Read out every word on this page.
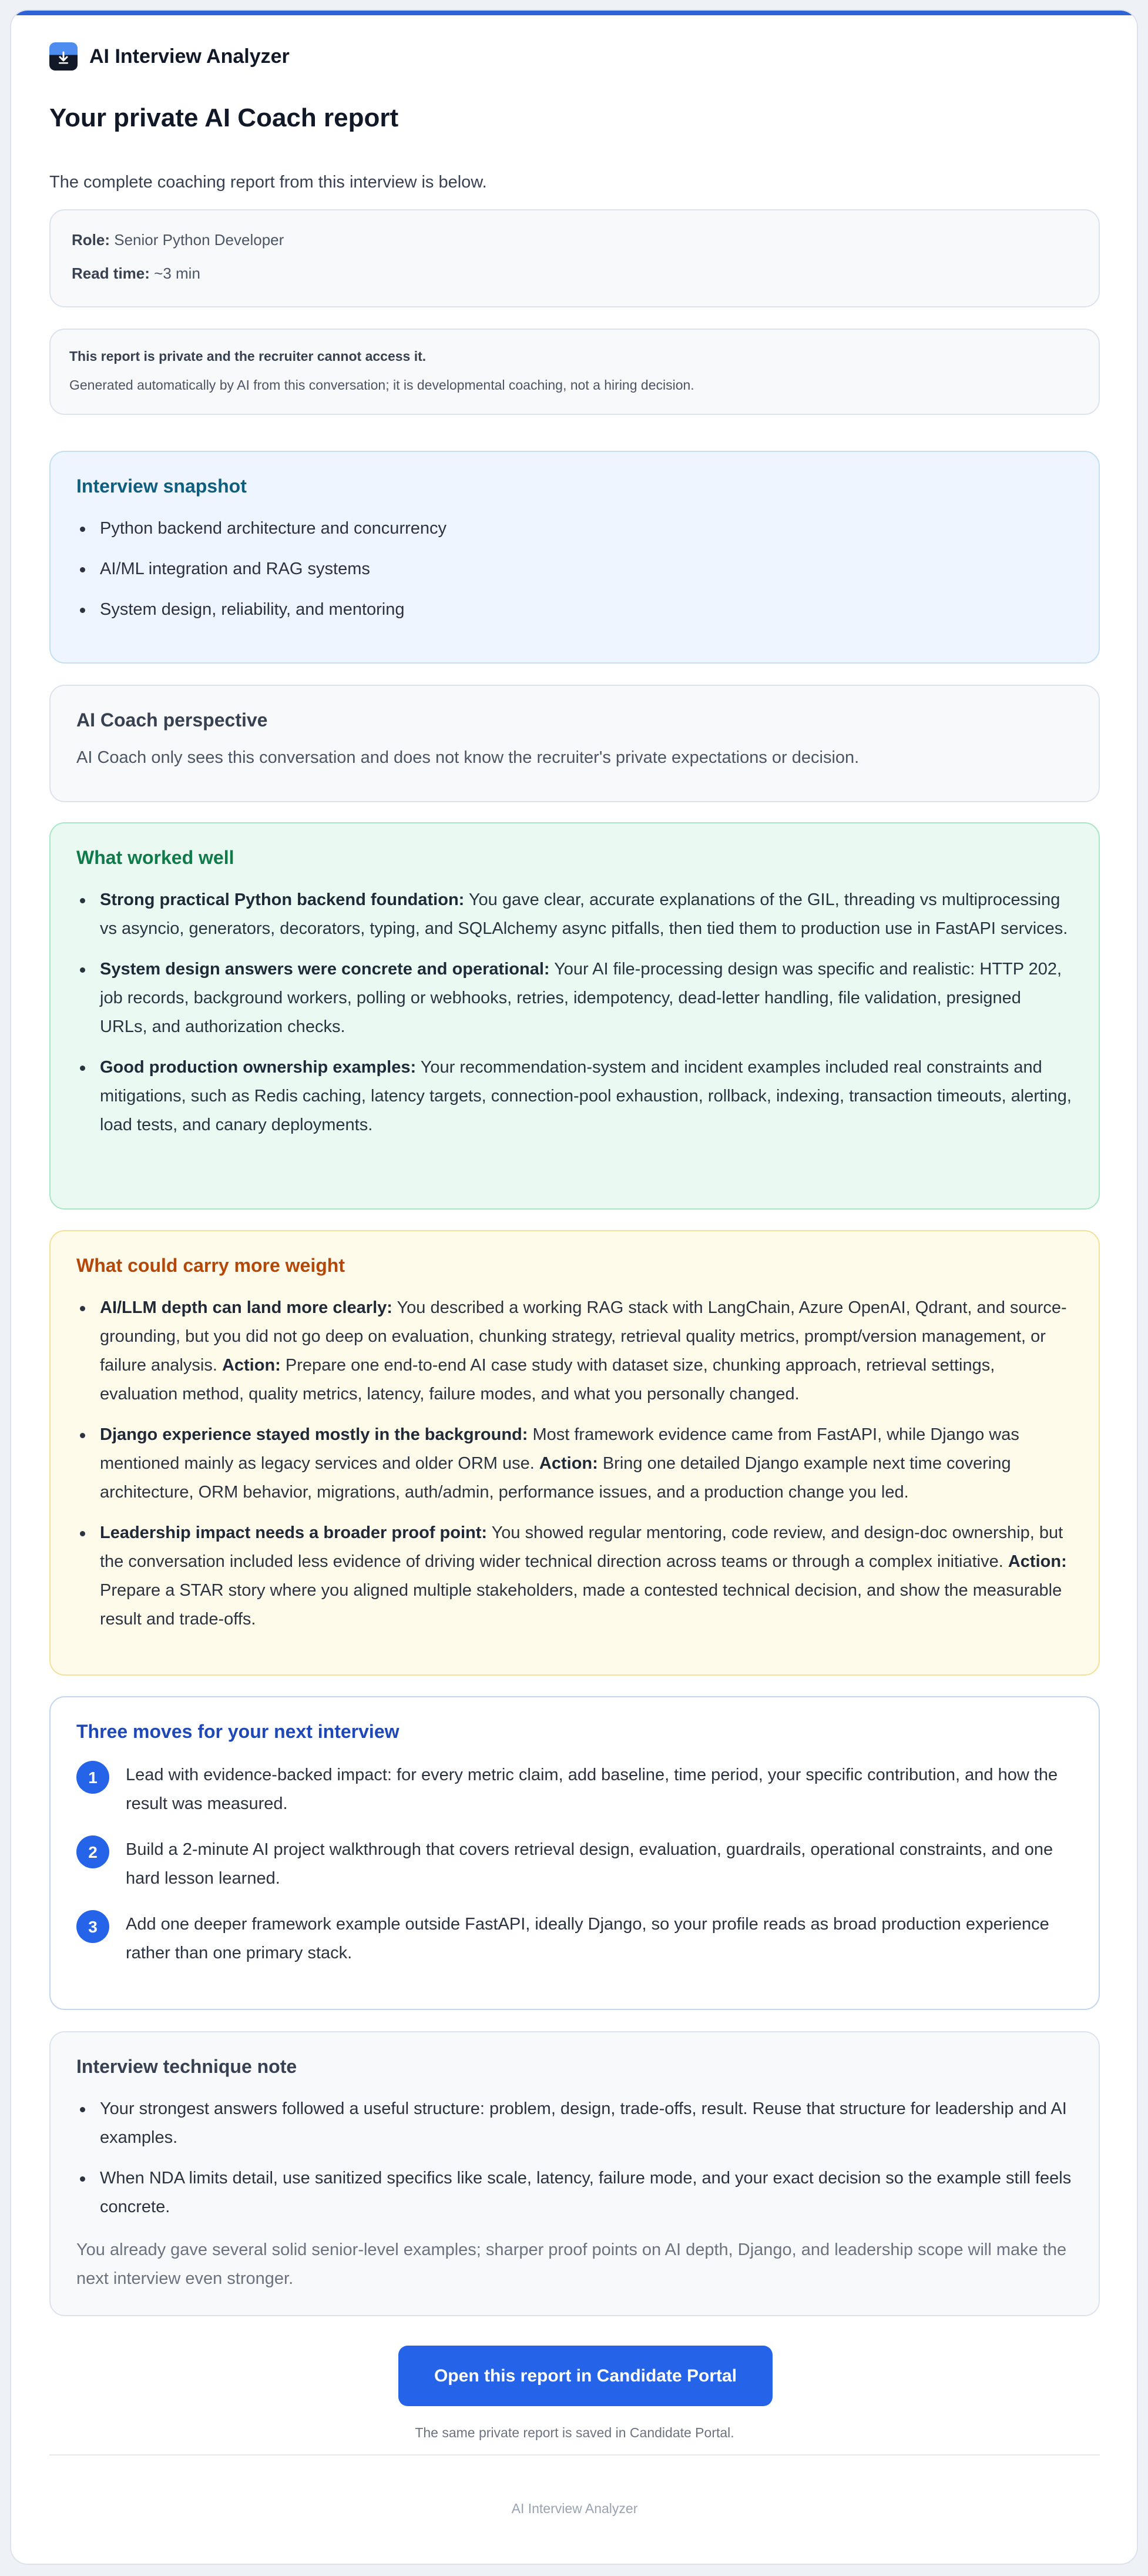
AI Interview Analyzer
Your private AI Coach report

The complete coaching report from this interview is below.

Role: Senior Python Developer
Read time: ~3 min

This report is private and the recruiter cannot access it.

Generated automatically by AI from this conversation; it is developmental coaching, not a hiring decision.

Interview snapshot
Python backend architecture and concurrency
AI/ML integration and RAG systems
System design, reliability, and mentoring
AI Coach perspective

AI Coach only sees this conversation and does not know the recruiter's private expectations or decision.

What worked well
Strong practical Python backend foundation: You gave clear, accurate explanations of the GIL, threading vs multiprocessing vs asyncio, generators, decorators, typing, and SQLAlchemy async pitfalls, then tied them to production use in FastAPI services.
System design answers were concrete and operational: Your AI file-processing design was specific and realistic: HTTP 202, job records, background workers, polling or webhooks, retries, idempotency, dead-letter handling, file validation, presigned URLs, and authorization checks.
Good production ownership examples: Your recommendation-system and incident examples included real constraints and mitigations, such as Redis caching, latency targets, connection-pool exhaustion, rollback, indexing, transaction timeouts, alerting, load tests, and canary deployments.
What could carry more weight
AI/LLM depth can land more clearly: You described a working RAG stack with LangChain, Azure OpenAI, Qdrant, and source-grounding, but you did not go deep on evaluation, chunking strategy, retrieval quality metrics, prompt/version management, or failure analysis. Action: Prepare one end-to-end AI case study with dataset size, chunking approach, retrieval settings, evaluation method, quality metrics, latency, failure modes, and what you personally changed.
Django experience stayed mostly in the background: Most framework evidence came from FastAPI, while Django was mentioned mainly as legacy services and older ORM use. Action: Bring one detailed Django example next time covering architecture, ORM behavior, migrations, auth/admin, performance issues, and a production change you led.
Leadership impact needs a broader proof point: You showed regular mentoring, code review, and design-doc ownership, but the conversation included less evidence of driving wider technical direction across teams or through a complex initiative. Action: Prepare a STAR story where you aligned multiple stakeholders, made a contested technical decision, and show the measurable result and trade-offs.
Three moves for your next interview
1	Lead with evidence-backed impact: for every metric claim, add baseline, time period, your specific contribution, and how the result was measured.
2	Build a 2-minute AI project walkthrough that covers retrieval design, evaluation, guardrails, operational constraints, and one hard lesson learned.
3	Add one deeper framework example outside FastAPI, ideally Django, so your profile reads as broad production experience rather than one primary stack.
Interview technique note
Your strongest answers followed a useful structure: problem, design, trade-offs, result. Reuse that structure for leadership and AI examples.
When NDA limits detail, use sanitized specifics like scale, latency, failure mode, and your exact decision so the example still feels concrete.

You already gave several solid senior-level examples; sharper proof points on AI depth, Django, and leadership scope will make the next interview even stronger.

Open this report in Candidate Portal

The same private report is saved in Candidate Portal.

AI Interview Analyzer
